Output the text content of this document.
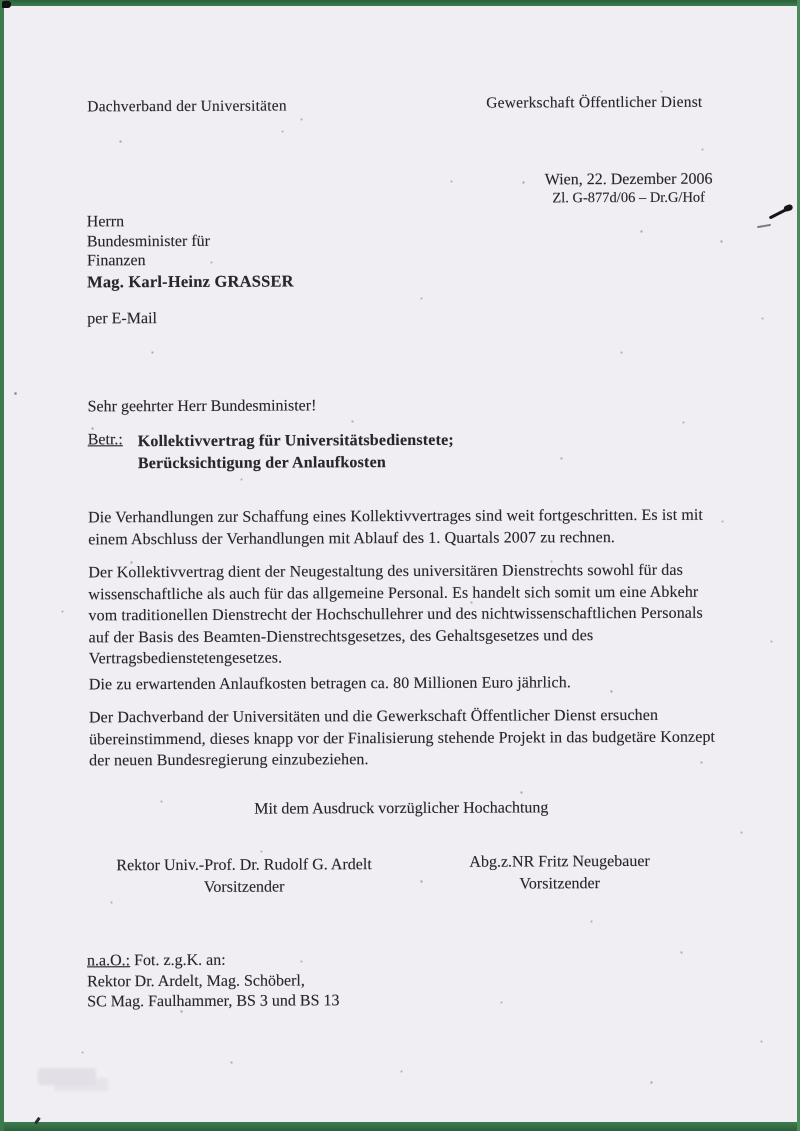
Dachverband der Universitäten	Gewerkschaft Öffentlicher Dienst
Wien, 22. Dezember 2006
Zl. G-877d/06 – Dr.G/Hof
Herrn
Bundesminister für
Finanzen
Mag. Karl-Heinz GRASSER
per E-Mail
Sehr geehrter Herr Bundesminister!
Betr.: Kollektivvertrag für Universitätsbedienstete;
Berücksichtigung der Anlaufkosten

Die Verhandlungen zur Schaffung eines Kollektivvertrages sind weit fortgeschritten. Es ist mit einem Abschluss der Verhandlungen mit Ablauf des 1. Quartals 2007 zu rechnen.

Der Kollektivvertrag dient der Neugestaltung des universitären Dienstrechts sowohl für das wissenschaftliche als auch für das allgemeine Personal. Es handelt sich somit um eine Abkehr vom traditionellen Dienstrecht der Hochschullehrer und des nichtwissenschaftlichen Personals auf der Basis des Beamten-Dienstrechtsgesetzes, des Gehaltsgesetzes und des Vertragsbedienstetengesetzes.

Die zu erwartenden Anlaufkosten betragen ca. 80 Millionen Euro jährlich.

Der Dachverband der Universitäten und die Gewerkschaft Öffentlicher Dienst ersuchen übereinstimmend, dieses knapp vor der Finalisierung stehende Projekt in das budgetäre Konzept der neuen Bundesregierung einzubeziehen.

Mit dem Ausdruck vorzüglicher Hochachtung
Rektor Univ.-Prof. Dr. Rudolf G. Ardelt
Vorsitzender
Abg.z.NR Fritz Neugebauer
Vorsitzender
n.a.O.: Fot. z.g.K. an:
Rektor Dr. Ardelt, Mag. Schöberl,
SC Mag. Faulhammer, BS 3 und BS 13
